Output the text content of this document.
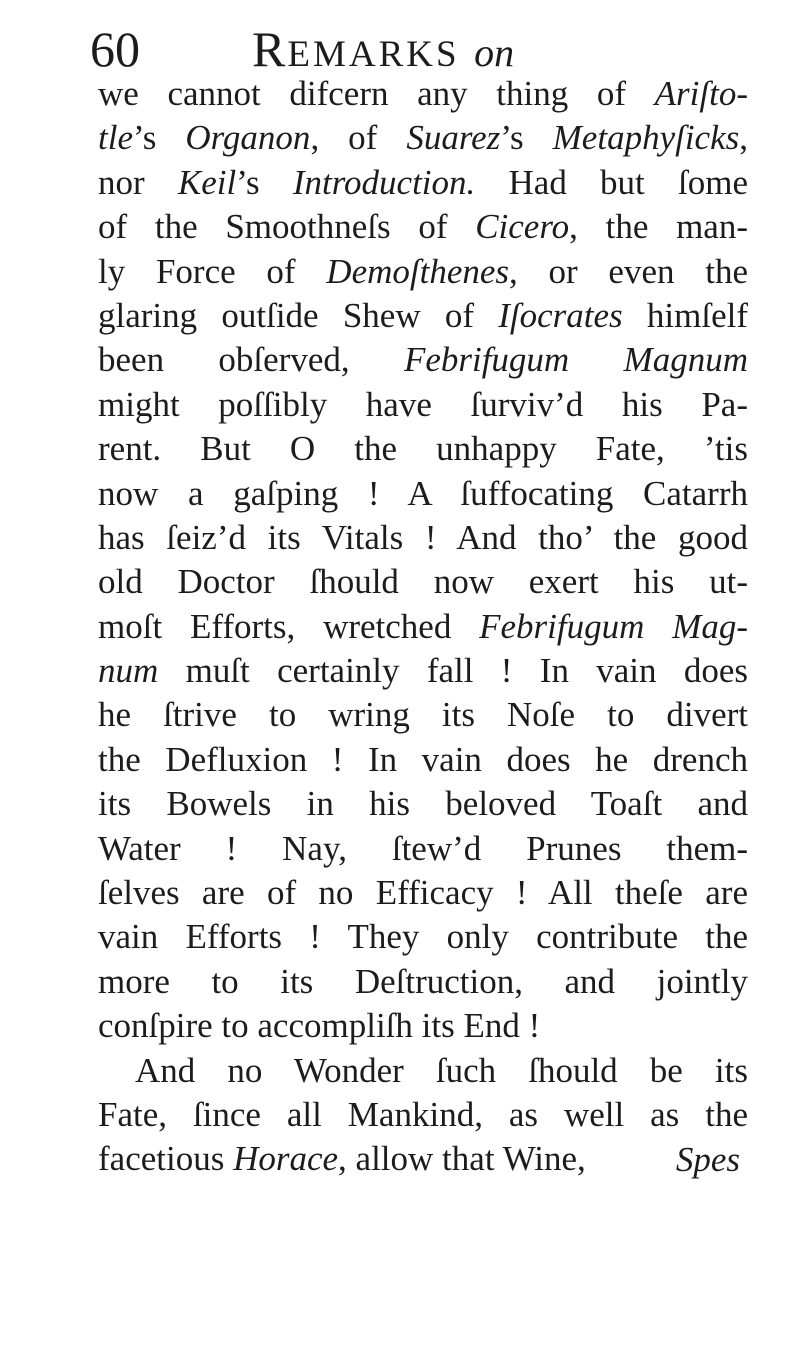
60 REMARKS on
we cannot difcern any thing of Ariſto-
tle’s Organon, of Suarez’s Metaphyſicks,
nor Keil’s Introduction. Had but ſome
of the Smoothneſs of Cicero, the man-
ly Force of Demoſthenes, or even the
glaring outſide Shew of Iſocrates himſelf
been obſerved, Febrifugum Magnum
might poſſibly have ſurviv’d his Pa-
rent. But O the unhappy Fate, ’tis
now a gaſping ! A ſuffocating Catarrh
has ſeiz’d its Vitals ! And tho’ the good
old Doctor ſhould now exert his ut-
moſt Efforts, wretched Febrifugum Mag-
num muſt certainly fall ! In vain does
he ſtrive to wring its Noſe to divert
the Defluxion ! In vain does he drench
its Bowels in his beloved Toaſt and
Water ! Nay, ſtew’d Prunes them-
ſelves are of no Efficacy ! All theſe are
vain Efforts ! They only contribute the
more to its Deſtruction, and jointly
conſpire to accompliſh its End !
And no Wonder ſuch ſhould be its
Fate, ſince all Mankind, as well as the
facetious Horace, allow that Wine,	Spes
